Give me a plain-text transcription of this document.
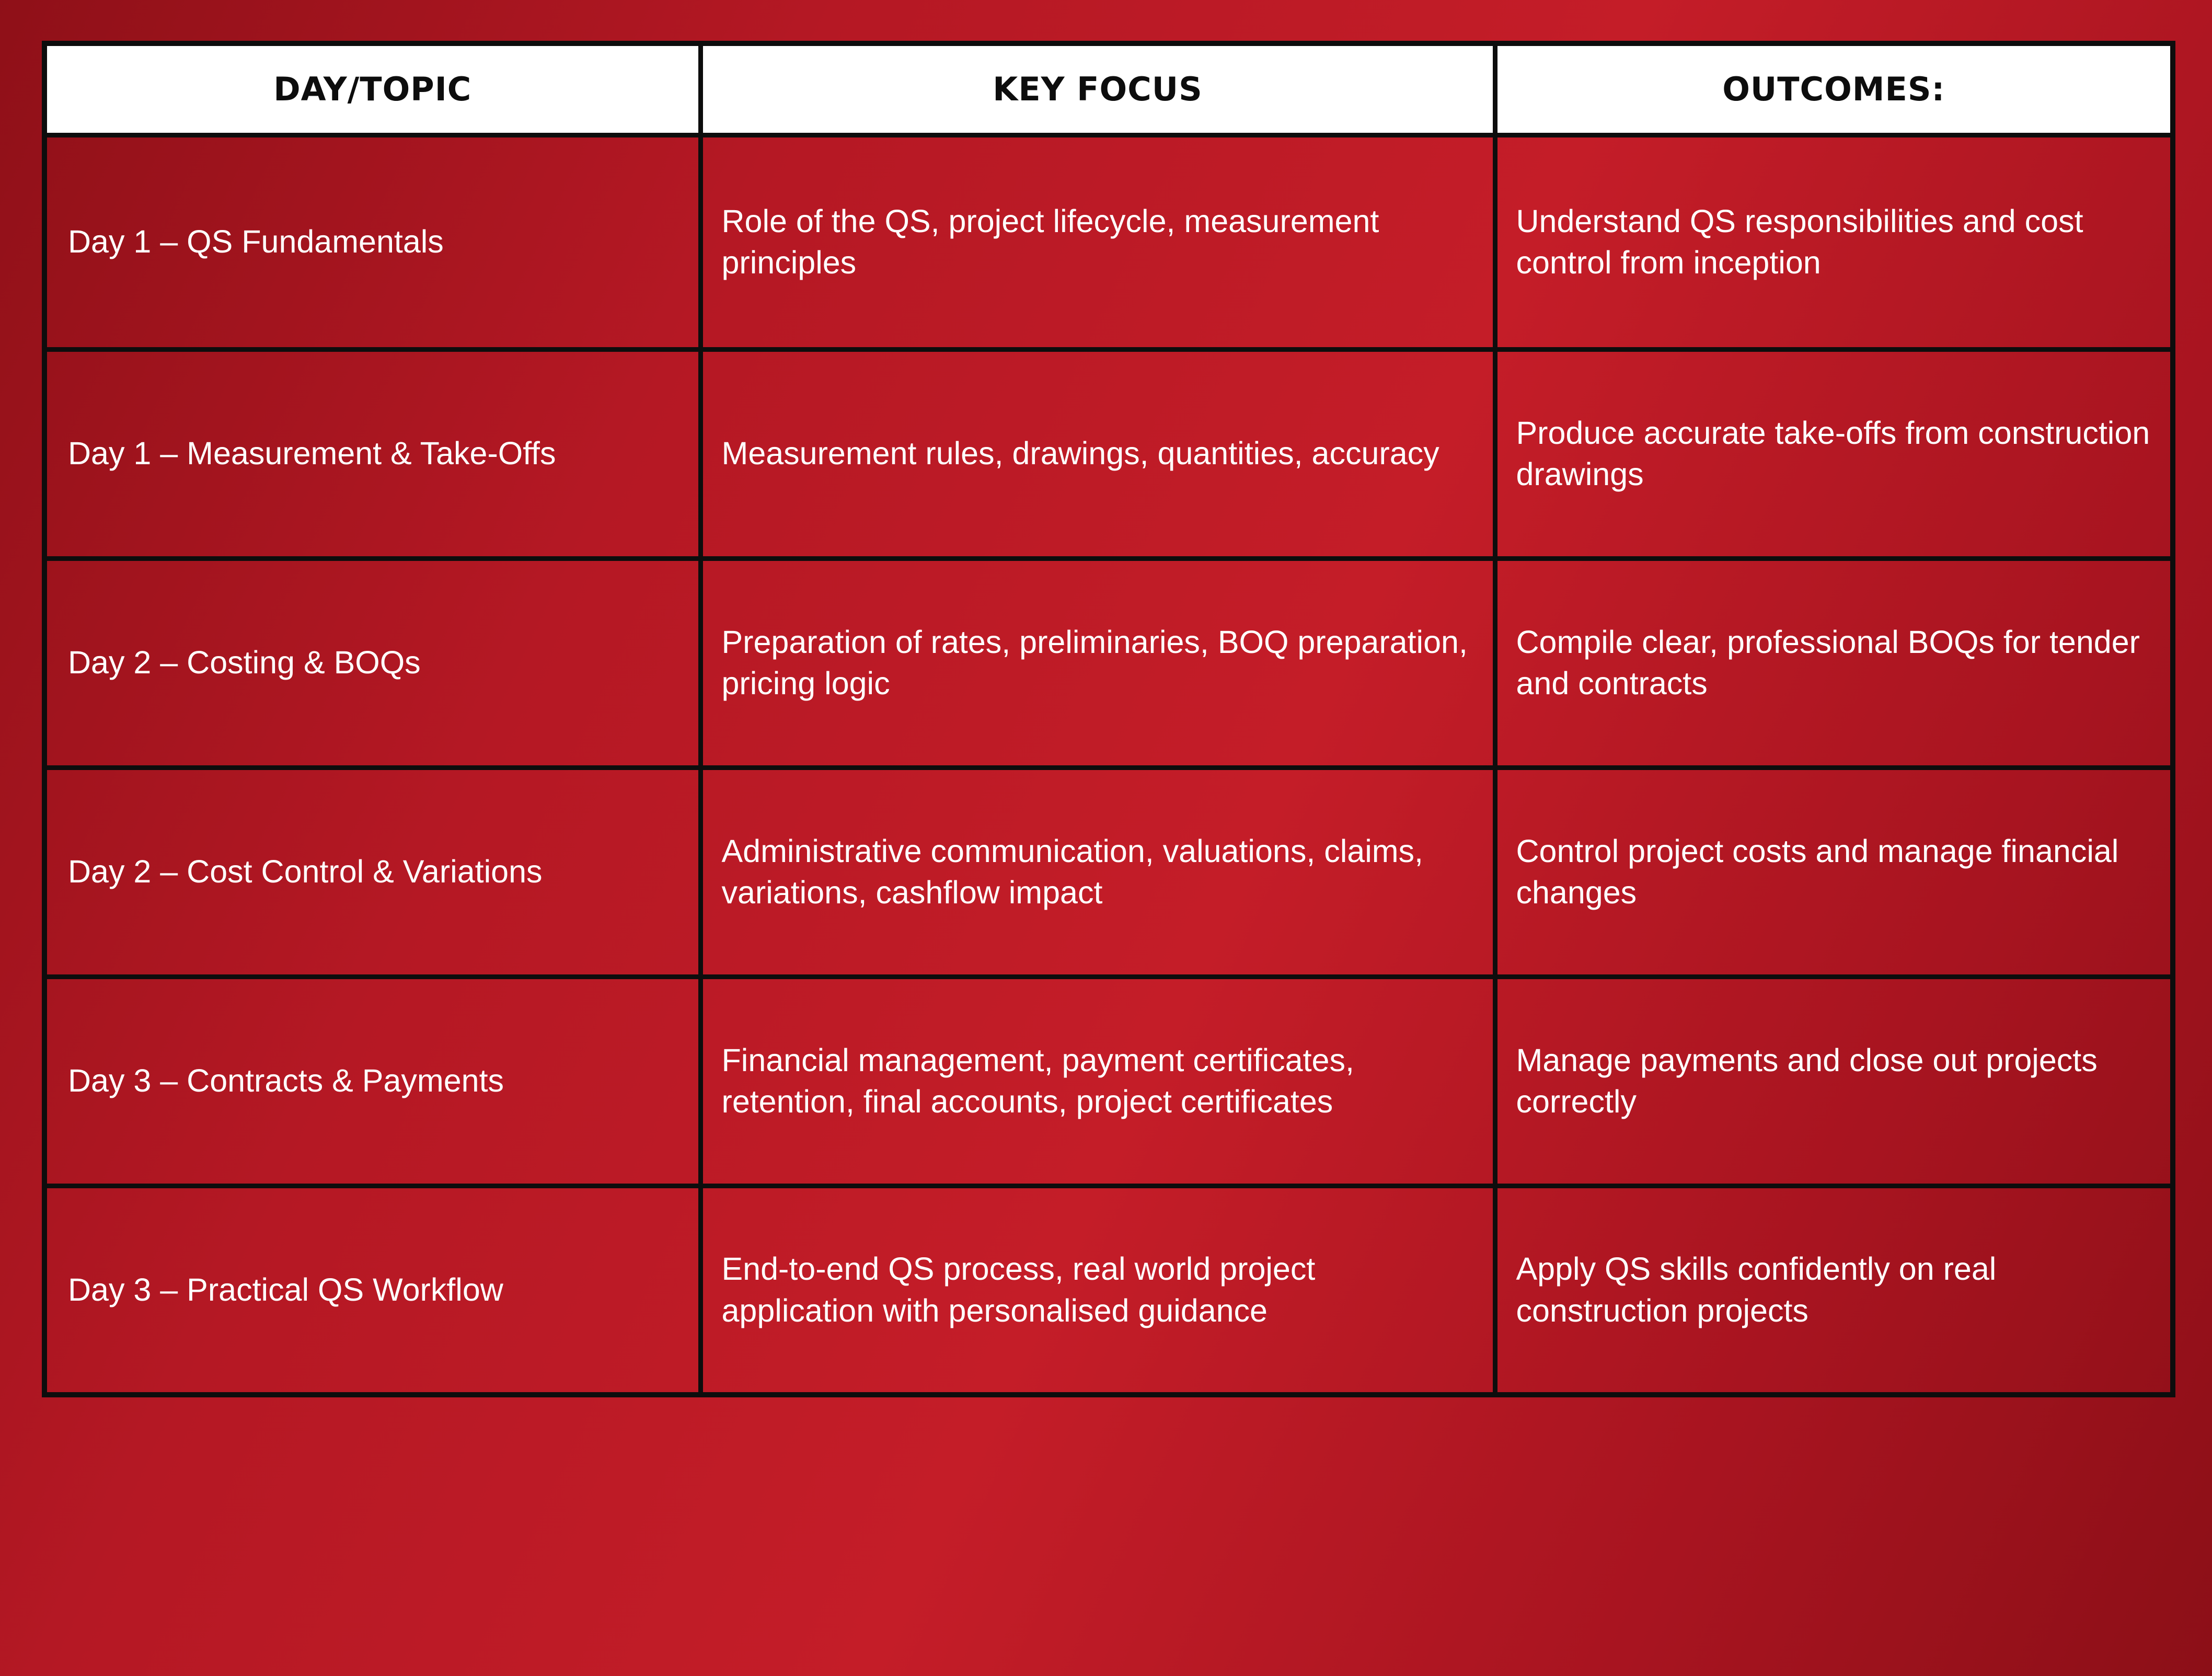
DAY/TOPIC	KEY FOCUS	OUTCOMES:
Day 1 – QS Fundamentals	Role of the QS, project lifecycle, measurement principles	Understand QS responsibilities and cost control from inception
Day 1 – Measurement & Take-Offs	Measurement rules, drawings, quantities, accuracy	Produce accurate take-offs from construction drawings
Day 2 – Costing & BOQs	Preparation of rates, preliminaries, BOQ preparation, pricing logic	Compile clear, professional BOQs for tender and contracts
Day 2 – Cost Control & Variations	Administrative communication, valuations, claims, variations, cashflow impact	Control project costs and manage financial changes
Day 3 – Contracts & Payments	Financial management, payment certificates, retention, final accounts, project certificates	Manage payments and close out projects correctly
Day 3 – Practical QS Workflow	End-to-end QS process, real world project application with personalised guidance	Apply QS skills confidently on real construction projects
